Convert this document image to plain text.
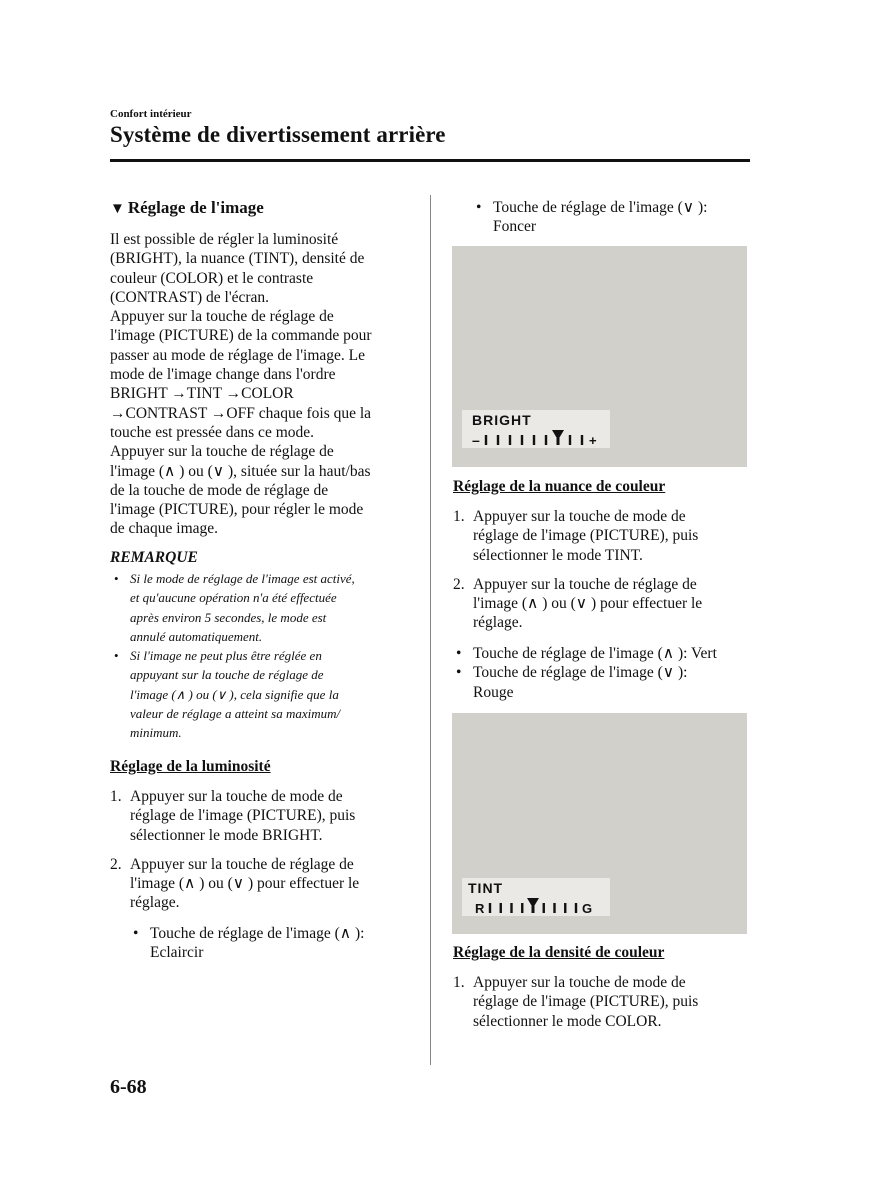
Confort intérieur
Système de divertissement arrière
▼ Réglage de l'image
Il est possible de régler la luminosité
(BRIGHT), la nuance (TINT), densité de
couleur (COLOR) et le contraste
(CONTRAST) de l'écran.
Appuyer sur la touche de réglage de
l'image (PICTURE) de la commande pour
passer au mode de réglage de l'image. Le
mode de l'image change dans l'ordre
BRIGHT →TINT →COLOR
→CONTRAST →OFF chaque fois que la
touche est pressée dans ce mode.
Appuyer sur la touche de réglage de
l'image (∧ ) ou (∨ ), située sur la haut/bas
de la touche de mode de réglage de
l'image (PICTURE), pour régler le mode
de chaque image.
REMARQUE
• Si le mode de réglage de l'image est activé,
et qu'aucune opération n'a été effectuée
après environ 5 secondes, le mode est
annulé automatiquement.
• Si l'image ne peut plus être réglée en
appuyant sur la touche de réglage de
l'image (∧ ) ou (∨ ), cela signifie que la
valeur de réglage a atteint sa maximum/
minimum.
Réglage de la luminosité
1. Appuyer sur la touche de mode de
réglage de l'image (PICTURE), puis
sélectionner le mode BRIGHT.
2. Appuyer sur la touche de réglage de
l'image (∧ ) ou (∨ ) pour effectuer le
réglage.
• Touche de réglage de l'image (∧ ):
Eclaircir
• Touche de réglage de l'image (∨ ):
Foncer
BRIGHT
–	+
Réglage de la nuance de couleur
1. Appuyer sur la touche de mode de
réglage de l'image (PICTURE), puis
sélectionner le mode TINT.
2. Appuyer sur la touche de réglage de
l'image (∧ ) ou (∨ ) pour effectuer le
réglage.
• Touche de réglage de l'image (∧ ): Vert
• Touche de réglage de l'image (∨ ):
Rouge
TINT
R	G
Réglage de la densité de couleur
1. Appuyer sur la touche de mode de
réglage de l'image (PICTURE), puis
sélectionner le mode COLOR.
6-68
